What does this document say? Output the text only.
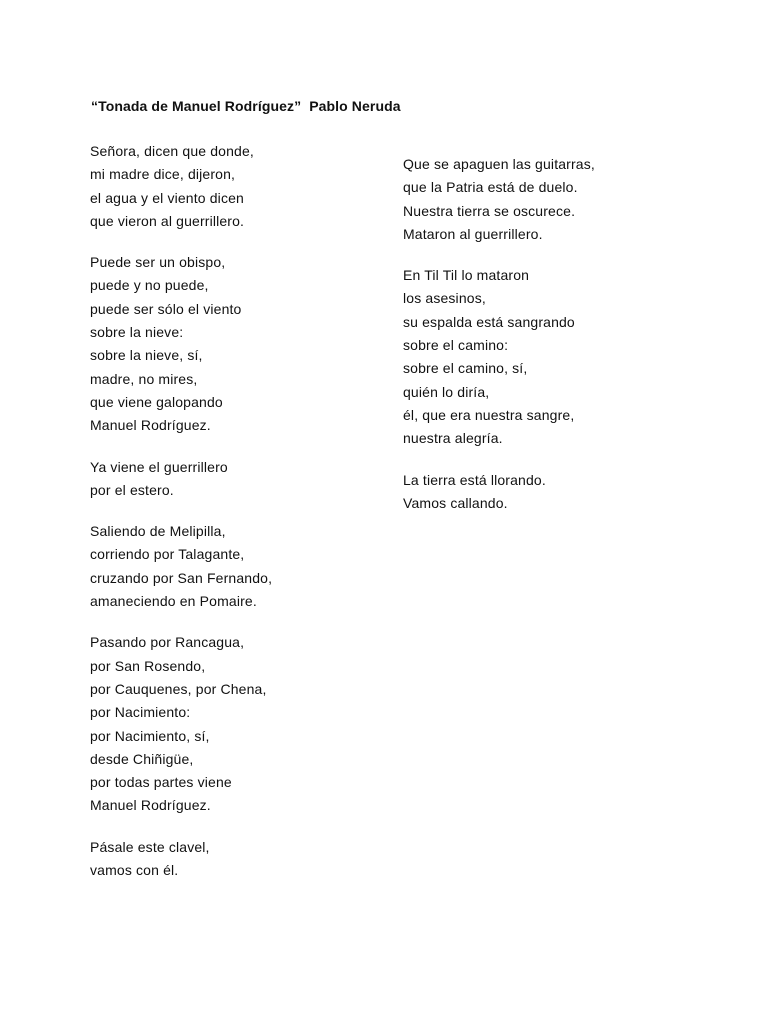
“Tonada de Manuel Rodríguez”  Pablo Neruda
Señora, dicen que donde,
mi madre dice, dijeron,
el agua y el viento dicen
que vieron al guerrillero.
Puede ser un obispo,
puede y no puede,
puede ser sólo el viento
sobre la nieve:
sobre la nieve, sí,
madre, no mires,
que viene galopando
Manuel Rodríguez.
Ya viene el guerrillero
por el estero.
Saliendo de Melipilla,
corriendo por Talagante,
cruzando por San Fernando,
amaneciendo en Pomaire.
Pasando por Rancagua,
por San Rosendo,
por Cauquenes, por Chena,
por Nacimiento:
por Nacimiento, sí,
desde Chiñigüe,
por todas partes viene
Manuel Rodríguez.
Pásale este clavel,
vamos con él.
Que se apaguen las guitarras,
que la Patria está de duelo.
Nuestra tierra se oscurece.
Mataron al guerrillero.
En Til Til lo mataron
los asesinos,
su espalda está sangrando
sobre el camino:
sobre el camino, sí,
quién lo diría,
él, que era nuestra sangre,
nuestra alegría.
La tierra está llorando.
Vamos callando.
